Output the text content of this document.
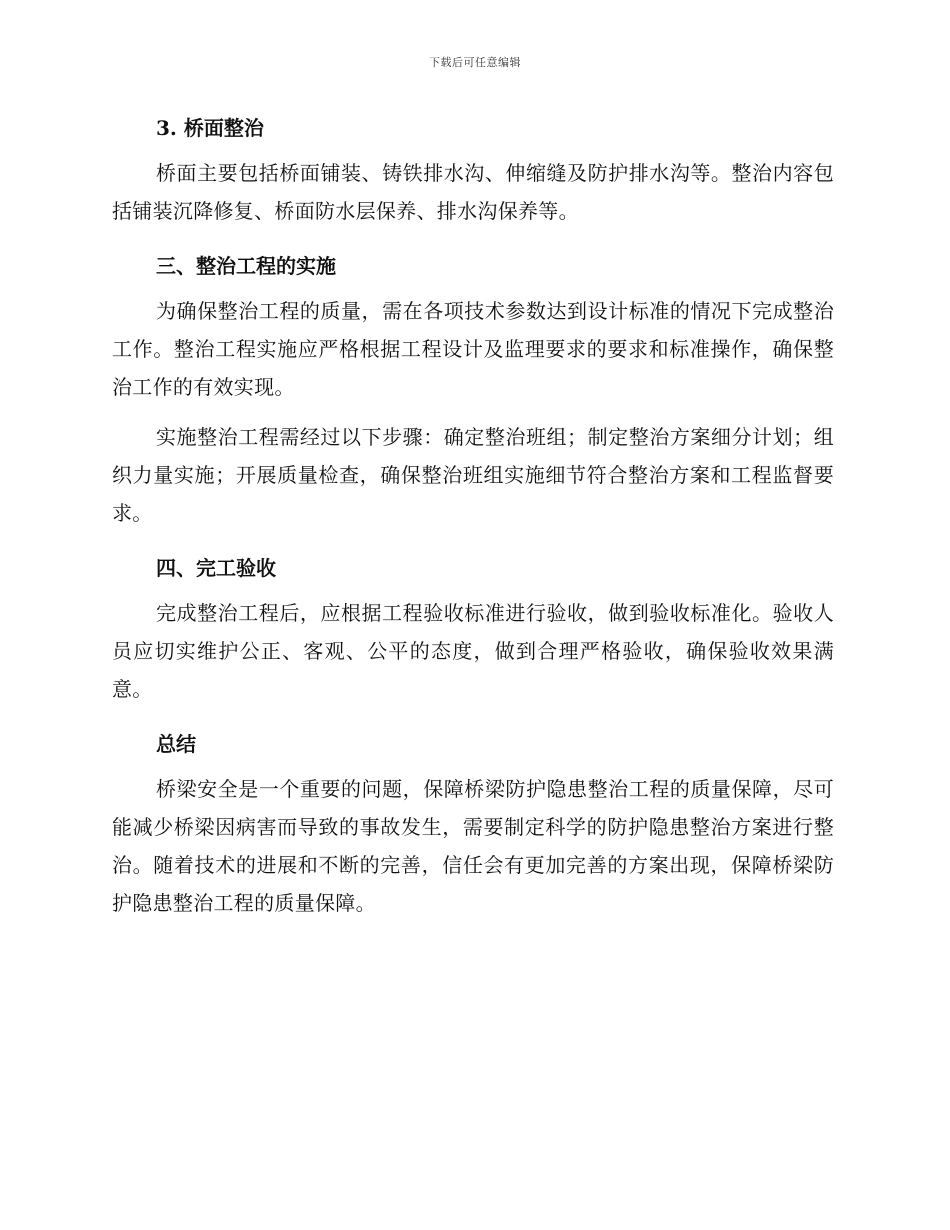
下载后可任意编辑
3. 桥面整治

桥面主要包括桥面铺装、铸铁排水沟、伸缩缝及防护排水沟等。整治内容包括铺装沉降修复、桥面防水层保养、排水沟保养等。

三、整治工程的实施

为确保整治工程的质量，需在各项技术参数达到设计标准的情况下完成整治工作。整治工程实施应严格根据工程设计及监理要求的要求和标准操作，确保整治工作的有效实现。

实施整治工程需经过以下步骤：确定整治班组；制定整治方案细分计划；组织力量实施；开展质量检查，确保整治班组实施细节符合整治方案和工程监督要求。

四、完工验收

完成整治工程后，应根据工程验收标准进行验收，做到验收标准化。验收人员应切实维护公正、客观、公平的态度，做到合理严格验收，确保验收效果满意。

总结

桥梁安全是一个重要的问题，保障桥梁防护隐患整治工程的质量保障，尽可能减少桥梁因病害而导致的事故发生，需要制定科学的防护隐患整治方案进行整治。随着技术的进展和不断的完善，信任会有更加完善的方案出现，保障桥梁防护隐患整治工程的质量保障。
